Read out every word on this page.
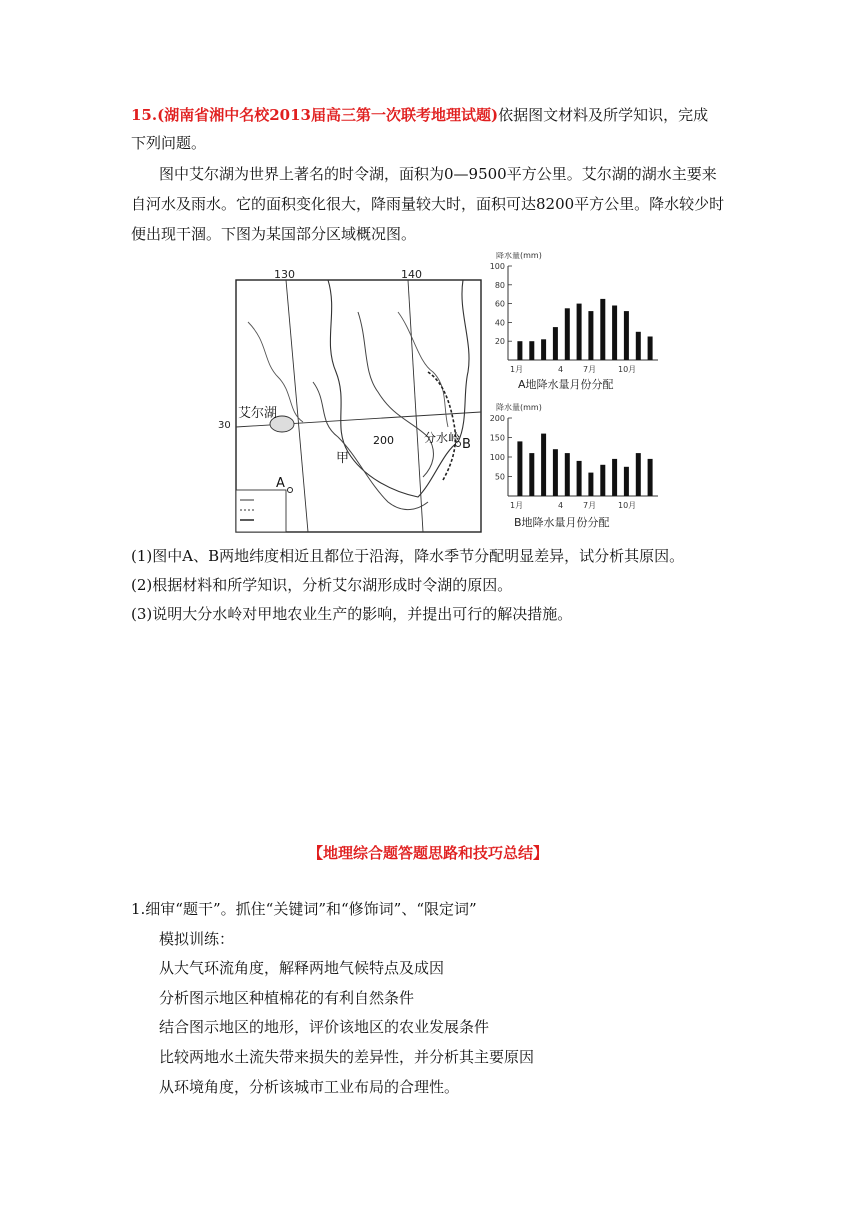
15.(湖南省湘中名校2013届高三第一次联考地理试题)依据图文材料及所学知识，完成
下列问题。
图中艾尔湖为世界上著名的时令湖，面积为0—9500平方公里。艾尔湖的湖水主要来
自河水及雨水。它的面积变化很大，降雨量较大时，面积可达8200平方公里。降水较少时
便出现干涸。下图为某国部分区域概况图。
130	140
30
艾尔湖
A
B
甲
200	分水岭
降水量(mm)
20
40
60
80
100
1月	4 7月	10月
A地降水量月份分配
降水量(mm)
50
100
150
200
1月	4 7月	10月
B地降水量月份分配
(1)图中A、B两地纬度相近且都位于沿海，降水季节分配明显差异，试分析其原因。
(2)根据材料和所学知识，分析艾尔湖形成时令湖的原因。
(3)说明大分水岭对甲地农业生产的影响，并提出可行的解决措施。
【地理综合题答题思路和技巧总结】
1.细审“题干”。抓住“关键词”和“修饰词”、“限定词”
模拟训练：
从大气环流角度，解释两地气候特点及成因
分析图示地区种植棉花的有利自然条件
结合图示地区的地形，评价该地区的农业发展条件
比较两地水土流失带来损失的差异性，并分析其主要原因
从环境角度，分析该城市工业布局的合理性。
